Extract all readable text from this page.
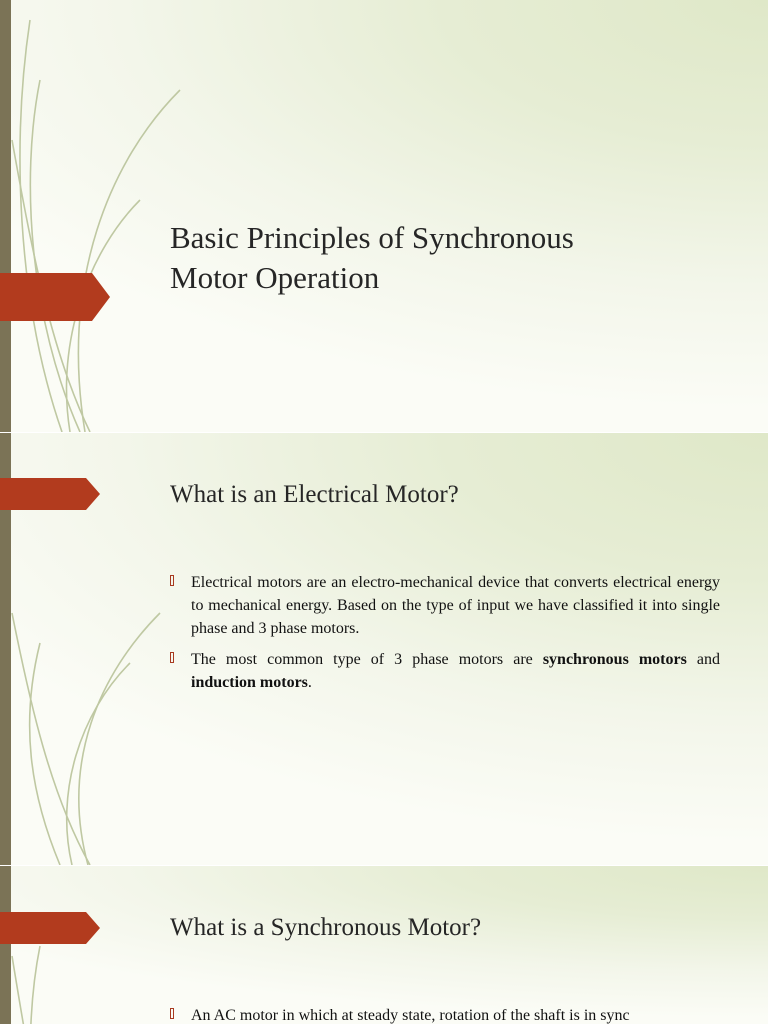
Basic Principles of Synchronous
Motor Operation
What is an Electrical Motor?
Electrical motors are an electro-mechanical device that converts electrical energy to mechanical energy. Based on the type of input we have classified it into single phase and 3 phase motors.
The most common type of 3 phase motors are synchronous motors and induction motors.
What is a Synchronous Motor?
An AC motor in which at steady state, rotation of the shaft is in sync
